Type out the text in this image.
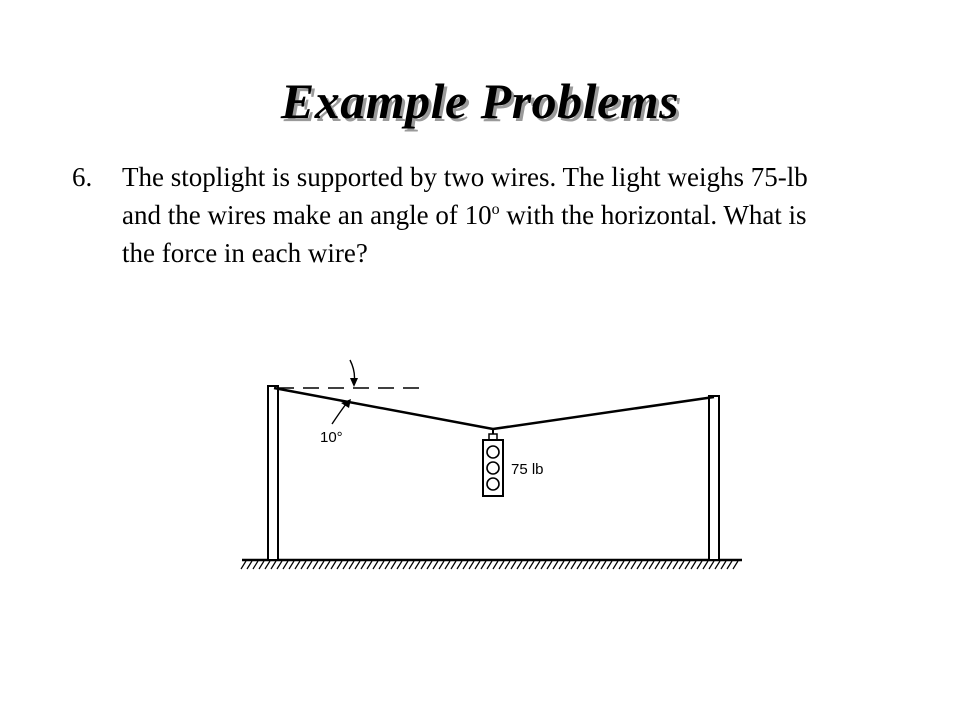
Example Problems
6. The stoplight is supported by two wires. The light weighs 75-lb and the wires make an angle of 10$^o$ with the horizontal. What is the force in each wire?
10°
75 lb
